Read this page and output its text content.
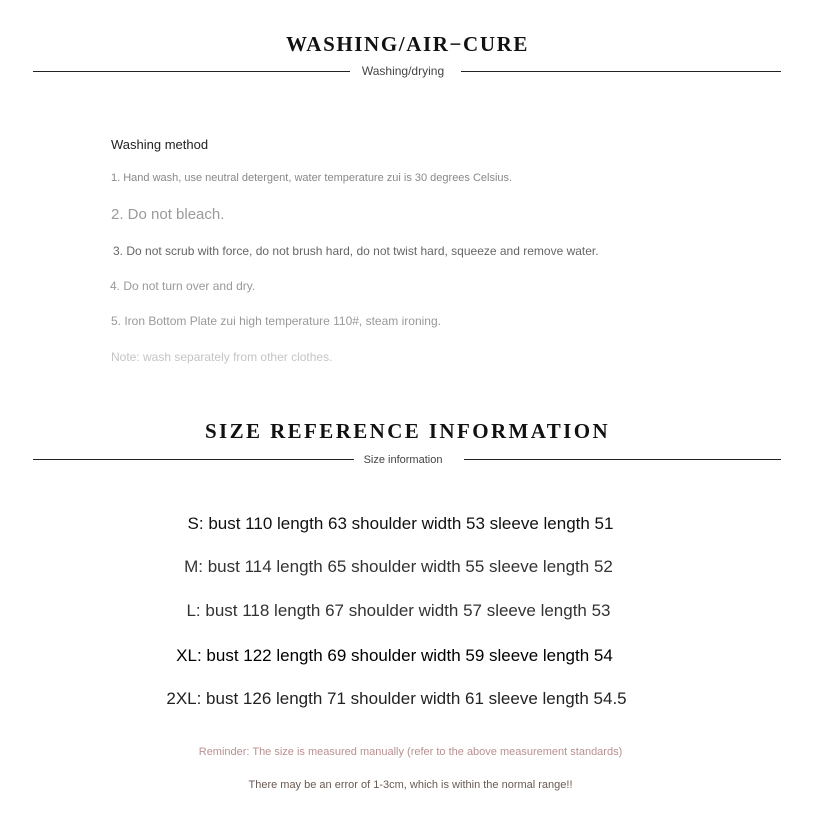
WASHING/AIR−CURE
Washing/drying
Washing method
1. Hand wash, use neutral detergent, water temperature zui is 30 degrees Celsius.
2. Do not bleach.
3. Do not scrub with force, do not brush hard, do not twist hard, squeeze and remove water.
4. Do not turn over and dry.
5. Iron Bottom Plate zui high temperature 110#, steam ironing.
Note: wash separately from other clothes.
SIZE REFERENCE INFORMATION
Size information
S: bust 110 length 63 shoulder width 53 sleeve length 51
M: bust 114 length 65 shoulder width 55 sleeve length 52
L: bust 118 length 67 shoulder width 57 sleeve length 53
XL: bust 122 length 69 shoulder width 59 sleeve length 54
2XL: bust 126 length 71 shoulder width 61 sleeve length 54.5
Reminder: The size is measured manually (refer to the above measurement standards)
There may be an error of 1-3cm, which is within the normal range!!
